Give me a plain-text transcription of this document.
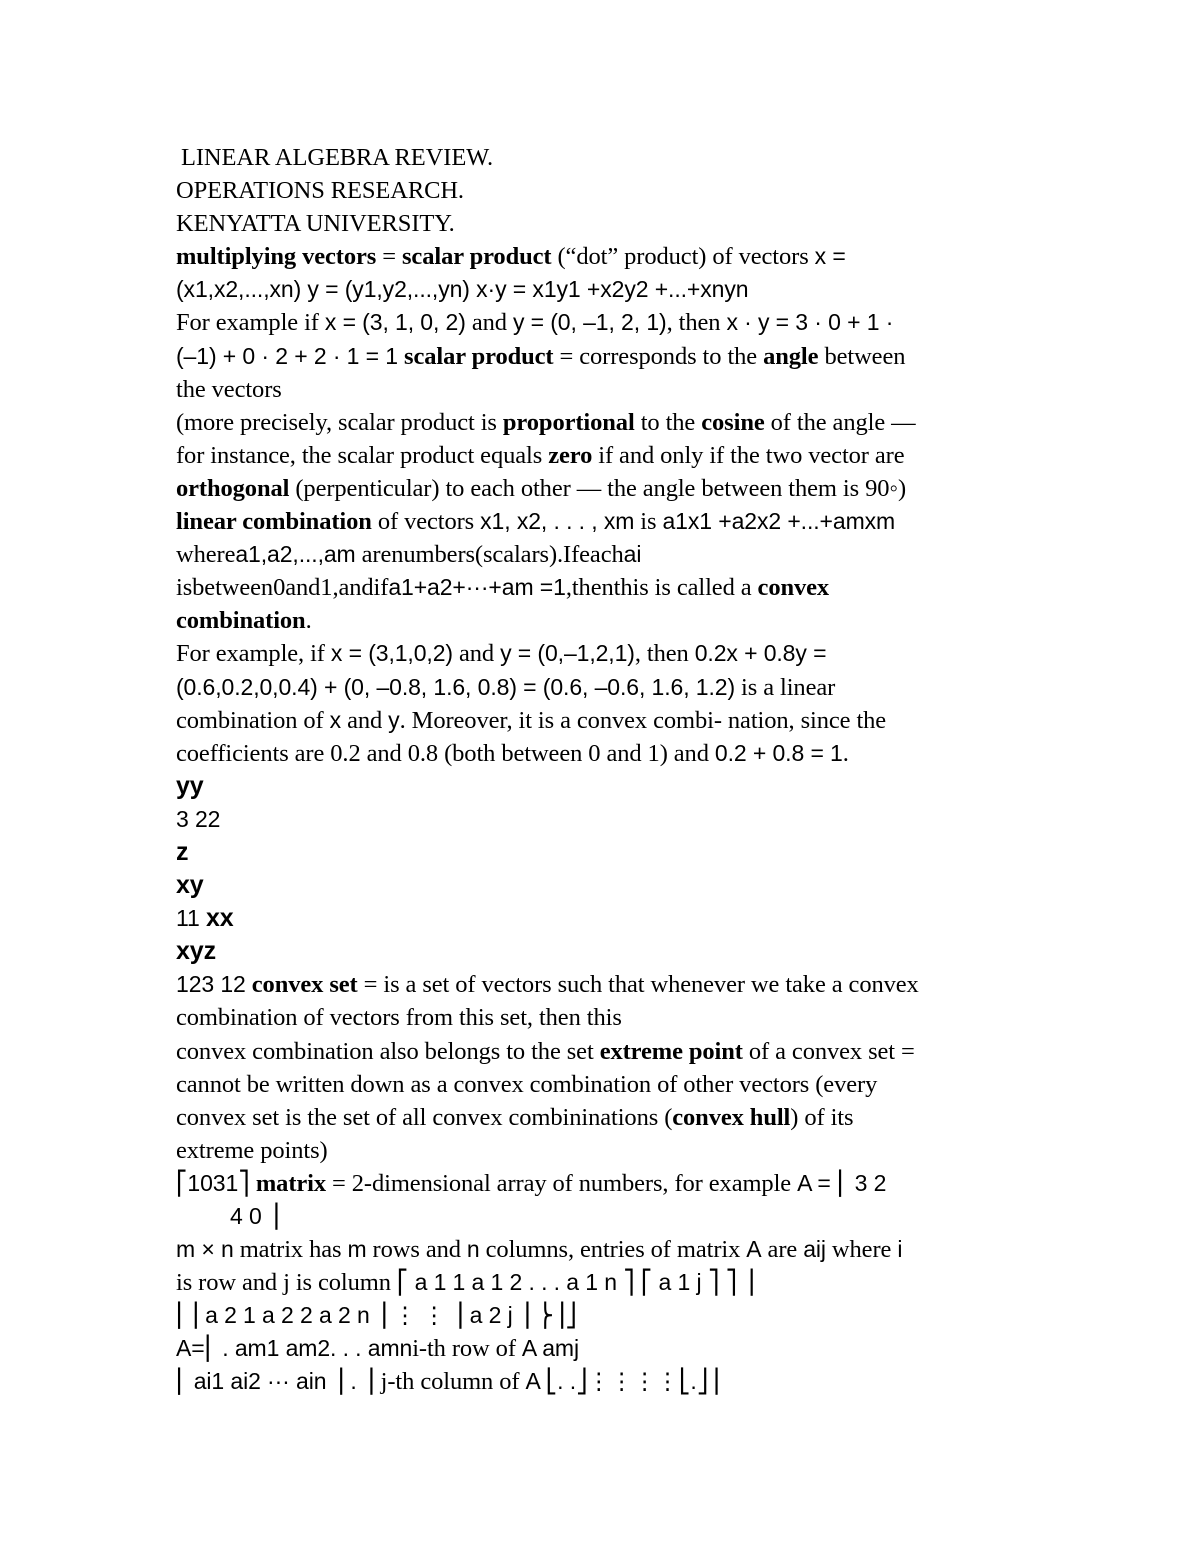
LINEAR ALGEBRA REVIEW.
OPERATIONS RESEARCH.
KENYATTA UNIVERSITY.
multiplying vectors = scalar product (“dot” product) of vectors x =
(x1,x2,...,xn) y = (y1,y2,...,yn) x·y = x1y1 +x2y2 +...+xnyn
For example if x = (3, 1, 0, 2) and y = (0, –1, 2, 1), then x · y = 3 · 0 + 1 ·
(–1) + 0 · 2 + 2 · 1 = 1 scalar product = corresponds to the angle between
the vectors
(more precisely, scalar product is proportional to the cosine of the angle —
for instance, the scalar product equals zero if and only if the two vector are
orthogonal (perpenticular) to each other — the angle between them is 90◦)
linear combination of vectors x1, x2, . . . , xm is a1x1 +a2x2 +...+amxm
wherea1,a2,...,am arenumbers(scalars).Ifeachai
isbetween0and1,andifa1+a2+···+am =1,thenthis is called a convex
combination.
For example, if x = (3,1,0,2) and y = (0,–1,2,1), then 0.2x + 0.8y =
(0.6,0.2,0,0.4) + (0, –0.8, 1.6, 0.8) = (0.6, –0.6, 1.6, 1.2) is a linear
combination of x and y. Moreover, it is a convex combi- nation, since the
coefficients are 0.2 and 0.8 (both between 0 and 1) and 0.2 + 0.8 = 1.
yy
3 22
z
xy
11 xx
xyz
123 12 convex set = is a set of vectors such that whenever we take a convex
combination of vectors from this set, then this
convex combination also belongs to the set extreme point of a convex set =
cannot be written down as a convex combination of other vectors (every
convex set is the set of all convex combininations (convex hull) of its
extreme points)
⎡1031⎤ matrix = 2-dimensional array of numbers, for example A = ⎢ 3 2
4 0 ⎥
m × n matrix has m rows and n columns, entries of matrix A are aij where i
is row and j is column ⎡ a 1 1 a 1 2 . . . a 1 n ⎤ ⎡ a 1 j ⎤ ⎤ ⎥
⎢⎥ a 2 1 a 2 2 a 2 n ⎥ ⋮ ⋮ ⎥ a 2 j ⎥ ⎬⎥⎦
A=⎢ . am1 am2. . . amni-th row of A amj
⎢ ai1 ai2 ··· ain ⎥ . ⎥ j-th column of A ⎣. .⎦⋮⋮⋮⋮⎣.⎦⎥
